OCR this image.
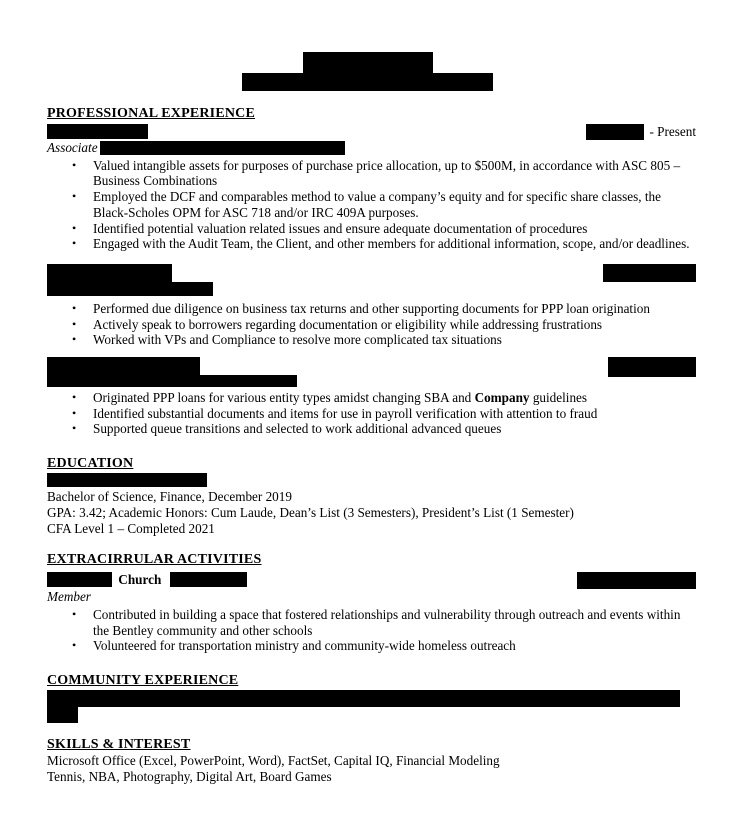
PROFESSIONAL EXPERIENCE
- Present
Associate
•	Valued intangible assets for purposes of purchase price allocation, up to $500M, in accordance with ASC 805 – Business Combinations
•	Employed the DCF and comparables method to value a company’s equity and for specific share classes, the Black-Scholes OPM for ASC 718 and/or IRC 409A purposes.
•	Identified potential valuation related issues and ensure adequate documentation of procedures
•	Engaged with the Audit Team, the Client, and other members for additional information, scope, and/or deadlines.
•	Performed due diligence on business tax returns and other supporting documents for PPP loan origination
•	Actively speak to borrowers regarding documentation or eligibility while addressing frustrations
•	Worked with VPs and Compliance to resolve more complicated tax situations
•	Originated PPP loans for various entity types amidst changing SBA and Company guidelines
•	Identified substantial documents and items for use in payroll verification with attention to fraud
•	Supported queue transitions and selected to work additional advanced queues
EDUCATION
Bachelor of Science, Finance, December 2019
GPA: 3.42; Academic Honors: Cum Laude, Dean’s List (3 Semesters), President’s List (1 Semester)
CFA Level 1 – Completed 2021
EXTRACIRRULAR ACTIVITIES
Church
Member
•	Contributed in building a space that fostered relationships and vulnerability through outreach and events within the Bentley community and other schools
•	Volunteered for transportation ministry and community-wide homeless outreach
COMMUNITY EXPERIENCE
SKILLS & INTEREST
Microsoft Office (Excel, PowerPoint, Word), FactSet, Capital IQ, Financial Modeling
Tennis, NBA, Photography, Digital Art, Board Games
